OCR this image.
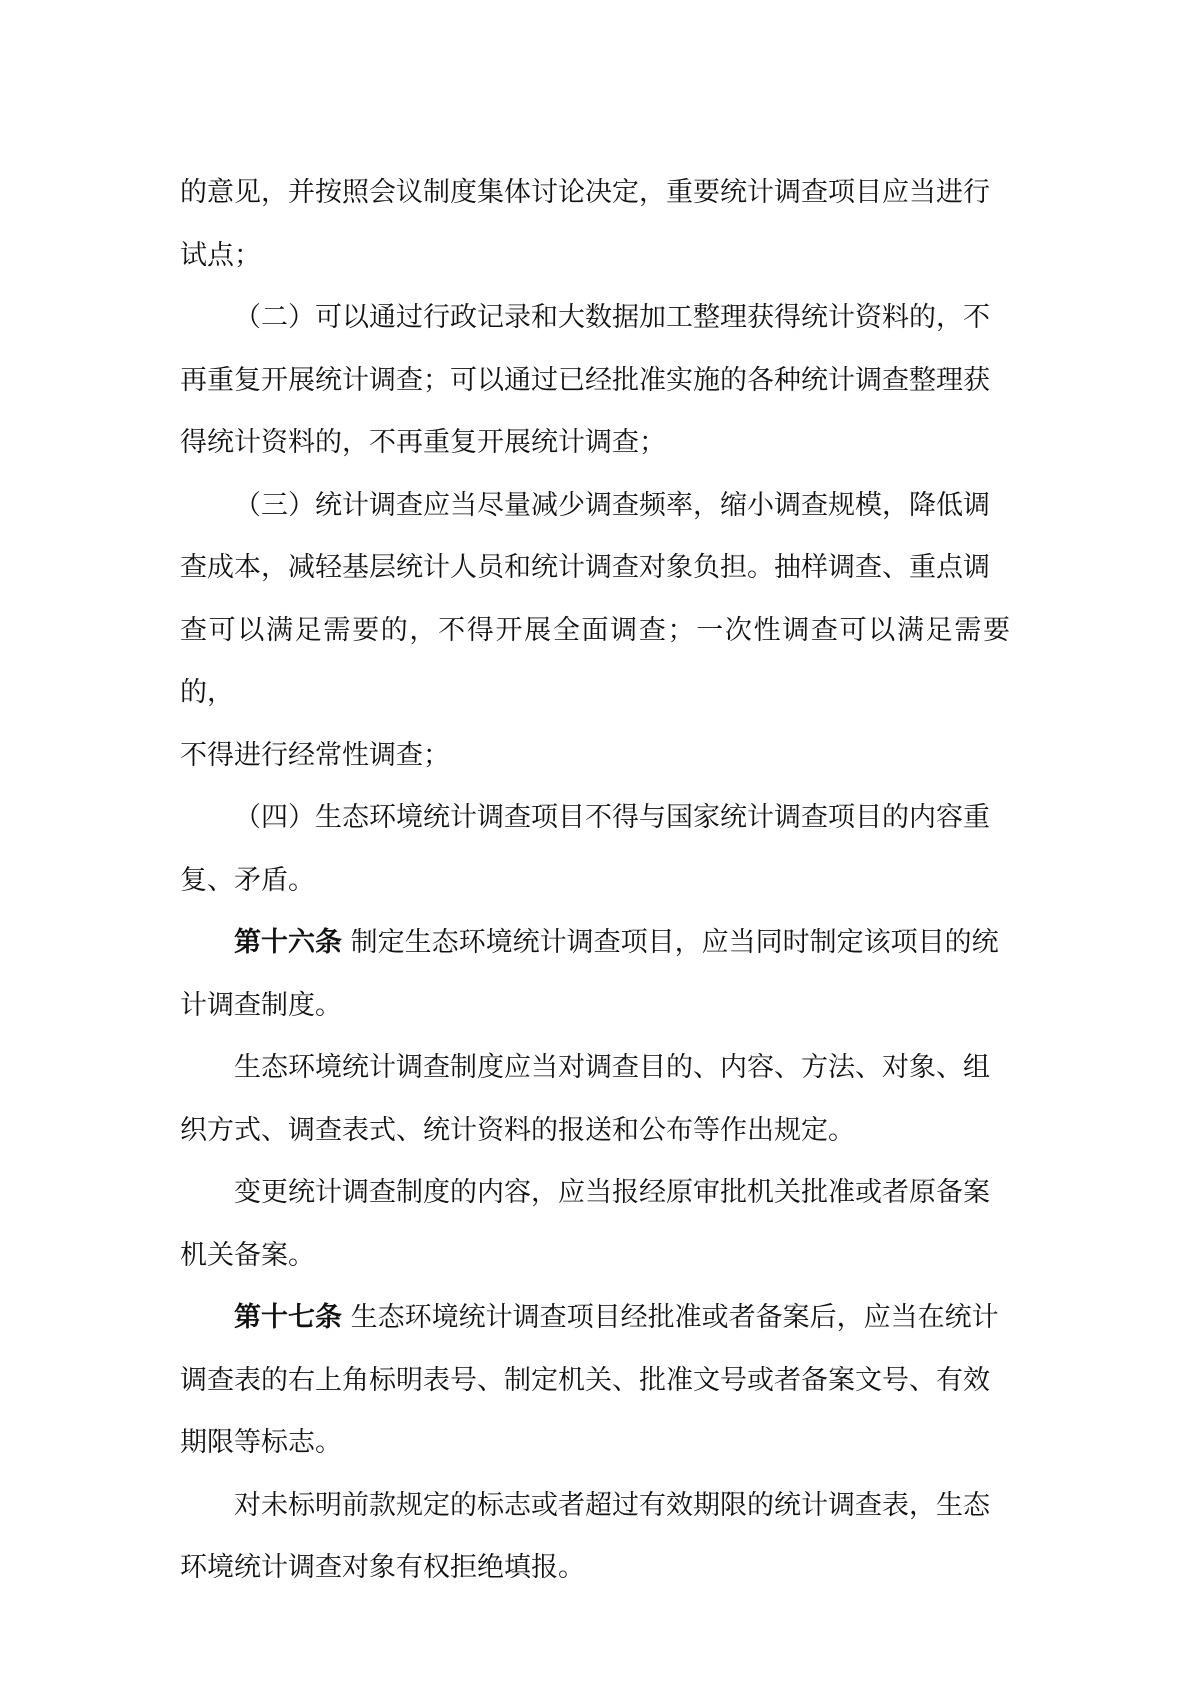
的意见，并按照会议制度集体讨论决定，重要统计调查项目应当进行
试点；

（二）可以通过行政记录和大数据加工整理获得统计资料的，不
再重复开展统计调查；可以通过已经批准实施的各种统计调查整理获
得统计资料的，不再重复开展统计调查；

（三）统计调查应当尽量减少调查频率，缩小调查规模，降低调
查成本，减轻基层统计人员和统计调查对象负担。抽样调查、重点调
查可以满足需要的，不得开展全面调查；一次性调查可以满足需要的，
不得进行经常性调查；

（四）生态环境统计调查项目不得与国家统计调查项目的内容重
复、矛盾。

第十六条 制定生态环境统计调查项目，应当同时制定该项目的统
计调查制度。

生态环境统计调查制度应当对调查目的、内容、方法、对象、组
织方式、调查表式、统计资料的报送和公布等作出规定。

变更统计调查制度的内容，应当报经原审批机关批准或者原备案
机关备案。

第十七条 生态环境统计调查项目经批准或者备案后，应当在统计
调查表的右上角标明表号、制定机关、批准文号或者备案文号、有效
期限等标志。

对未标明前款规定的标志或者超过有效期限的统计调查表，生态
环境统计调查对象有权拒绝填报。
